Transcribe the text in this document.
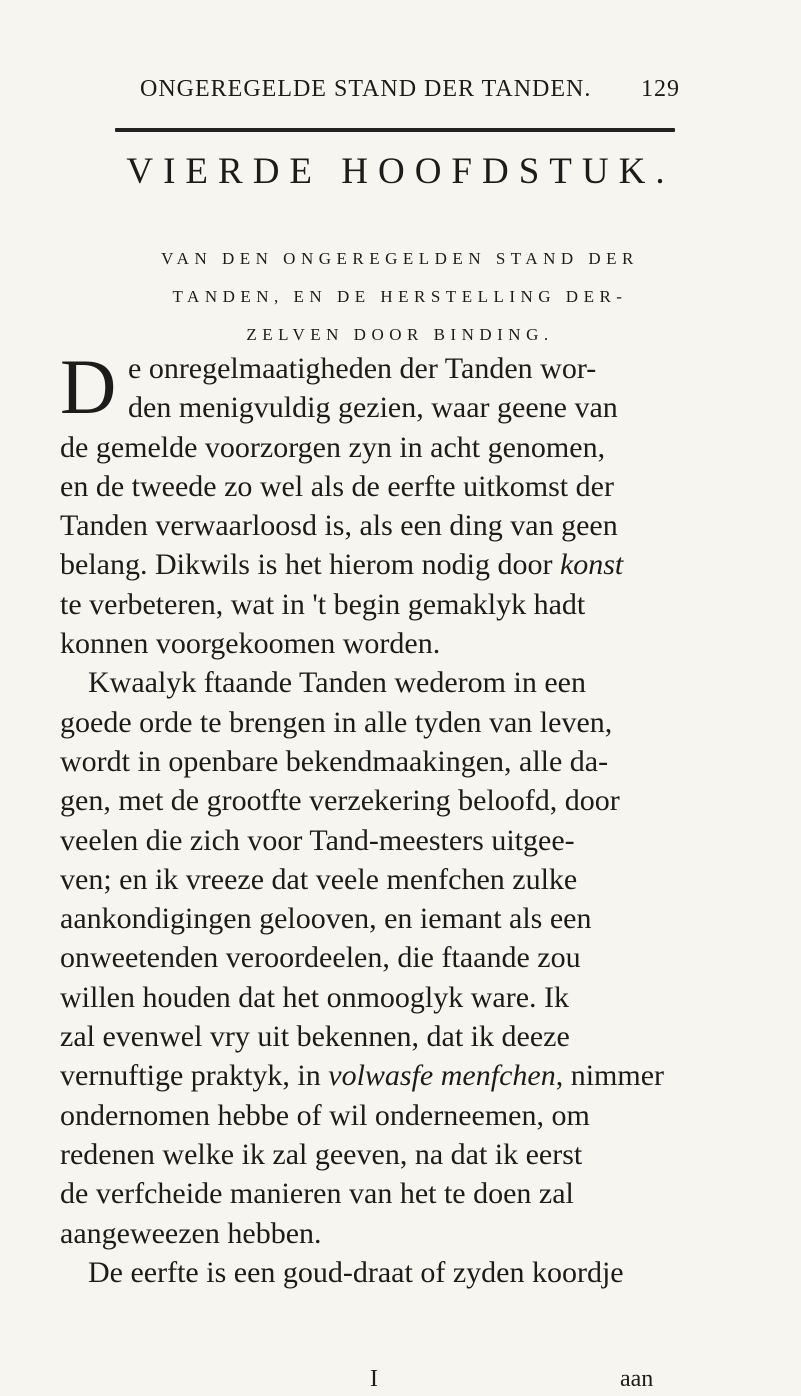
ONGEREGELDE STAND DER TANDEN. 129
VIERDE HOOFDSTUK.
VAN DEN ONGEREGELDEN STAND DER
TANDEN, EN DE HERSTELLING DER-
ZELVEN DOOR BINDING.
D e onregelmaatigheden der Tanden wor-
den menigvuldig gezien, waar geene van
de gemelde voorzorgen zyn in acht genomen,
en de tweede zo wel als de eerfte uitkomst der
Tanden verwaarloosd is, als een ding van geen
belang. Dikwils is het hierom nodig door konst
te verbeteren, wat in 't begin gemaklyk hadt
konnen voorgekoomen worden.
Kwaalyk ftaande Tanden wederom in een
goede orde te brengen in alle tyden van leven,
wordt in openbare bekendmaakingen, alle da-
gen, met de grootfte verzekering beloofd, door
veelen die zich voor Tand-meesters uitgee-
ven; en ik vreeze dat veele menfchen zulke
aankondigingen gelooven, en iemant als een
onweetenden veroordeelen, die ftaande zou
willen houden dat het onmooglyk ware. Ik
zal evenwel vry uit bekennen, dat ik deeze
vernuftige praktyk, in volwasfe menfchen, nimmer
ondernomen hebbe of wil onderneemen, om
redenen welke ik zal geeven, na dat ik eerst
de verfcheide manieren van het te doen zal
aangeweezen hebben.
De eerfte is een goud-draat of zyden koordje
I	aan
